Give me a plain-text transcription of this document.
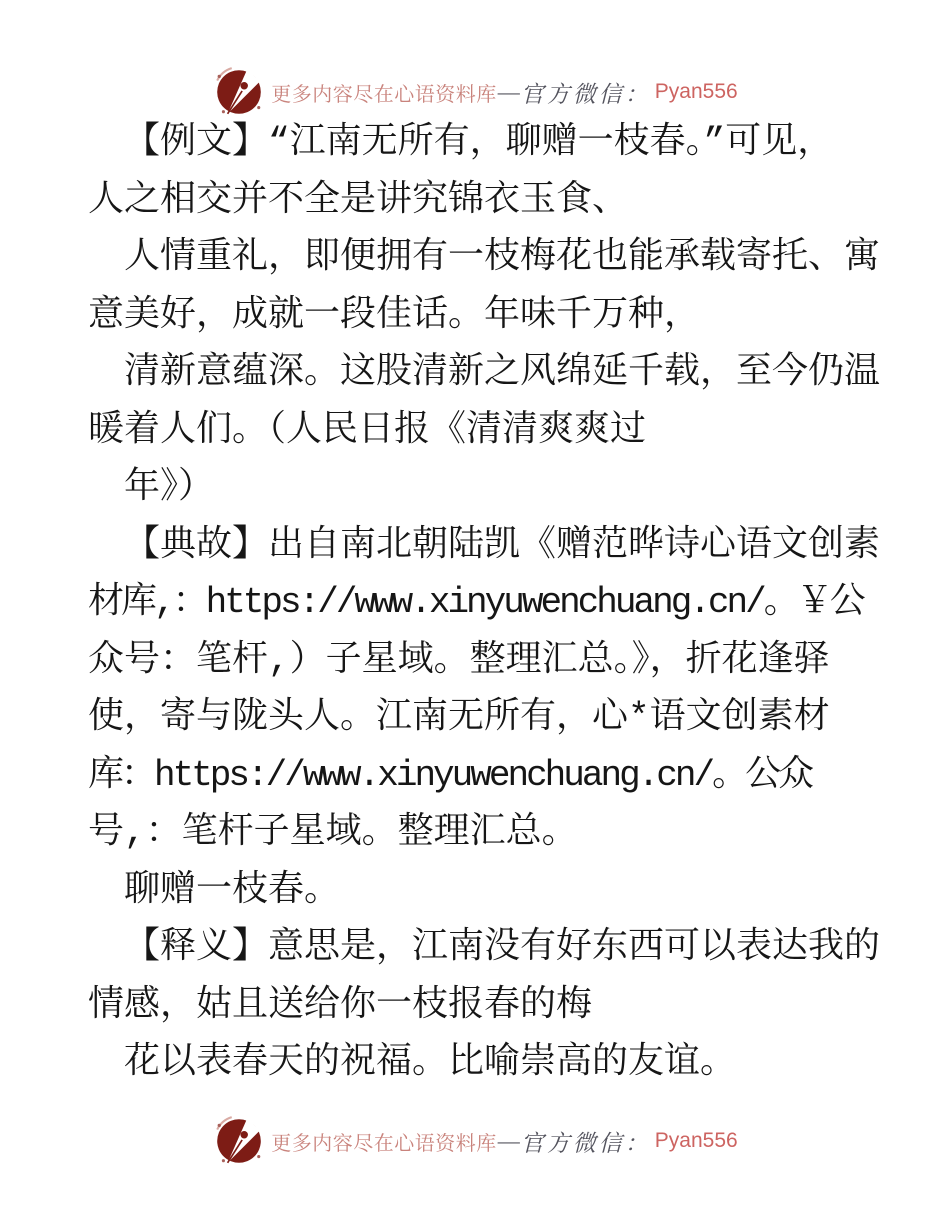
更多内容尽在心语资料库 — 官方微信： Pyan556
【例文】“江南无所有，聊赠一枝春。”可见，
人之相交并不全是讲究锦衣玉食、
人情重礼，即便拥有一枝梅花也能承载寄托、寓
意美好，成就一段佳话。年味千万种，
清新意蕴深。这股清新之风绵延千载，至今仍温
暖着人们。（人民日报《清清爽爽过
年》）
【典故】出自南北朝陆凯《赠范晔诗心语文创素
材库,：https://www.xinyuwenchuang.cn/。￥公
众号：笔杆,）子星域。整理汇总。》，折花逢驿
使，寄与陇头人。江南无所有，心*语文创素材
库：https://www.xinyuwenchuang.cn/。公众
号,：笔杆子星域。整理汇总。
聊赠一枝春。
【释义】意思是，江南没有好东西可以表达我的
情感，姑且送给你一枝报春的梅
花以表春天的祝福。比喻崇高的友谊。
更多内容尽在心语资料库 — 官方微信： Pyan556
